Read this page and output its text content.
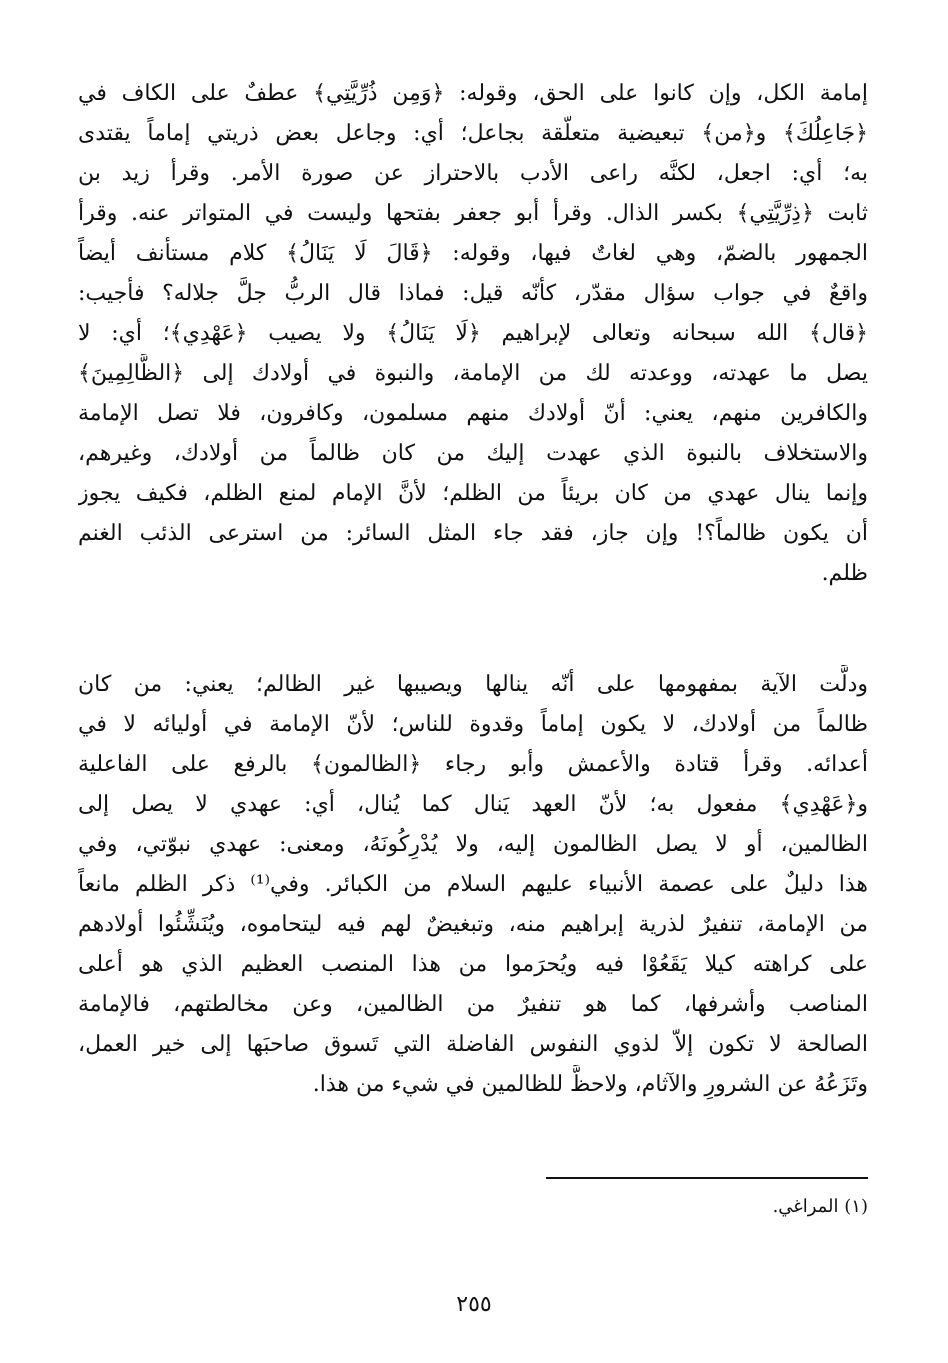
إمامة الكل، وإن كانوا على الحق، وقوله: ﴿وَمِن ذُرِّيَّتِي﴾ عطفٌ على الكاف في
﴿جَاعِلُكَ﴾ و﴿من﴾ تبعيضية متعلّقة بجاعل؛ أي: وجاعل بعض ذريتي إماماً يقتدى
به؛ أي: اجعل، لكنَّه راعى الأدب بالاحتراز عن صورة الأمر. وقرأ زيد بن
ثابت ﴿ذِرِّيَّتِي﴾ بكسر الذال. وقرأ أبو جعفر بفتحها وليست في المتواتر عنه. وقرأ
الجمهور بالضمّ، وهي لغاتٌ فيها، وقوله: ﴿قَالَ لَا يَنَالُ﴾ كلام مستأنف أيضاً
واقعٌ في جواب سؤال مقدّر، كأنّه قيل: فماذا قال الربُّ جلَّ جلاله؟ فأجيب:
﴿قال﴾ الله سبحانه وتعالى لإبراهيم ﴿لَا يَنَالُ﴾ ولا يصيب ﴿عَهْدِي﴾؛ أي: لا
يصل ما عهدته، ووعدته لك من الإمامة، والنبوة في أولادك إلى ﴿الظَّالِمِينَ﴾
والكافرين منهم، يعني: أنّ أولادك منهم مسلمون، وكافرون، فلا تصل الإمامة
والاستخلاف بالنبوة الذي عهدت إليك من كان ظالماً من أولادك، وغيرهم،
وإنما ينال عهدي من كان بريئاً من الظلم؛ لأنَّ الإمام لمنع الظلم، فكيف يجوز
أن يكون ظالماً؟! وإن جاز، فقد جاء المثل السائر: من استرعى الذئب الغنم
ظلم.
ودلَّت الآية بمفهومها على أنّه ينالها ويصيبها غير الظالم؛ يعني: من كان
ظالماً من أولادك، لا يكون إماماً وقدوة للناس؛ لأنّ الإمامة في أوليائه لا في
أعدائه. وقرأ قتادة والأعمش وأبو رجاء ﴿الظالمون﴾ بالرفع على الفاعلية
و﴿عَهْدِي﴾ مفعول به؛ لأنّ العهد يَنال كما يُنال، أي: عهدي لا يصل إلى
الظالمين، أو لا يصل الظالمون إليه، ولا يُدْرِكُونَهُ، ومعنى: عهدي نبوّتي، وفي
هذا دليلٌ على عصمة الأنبياء عليهم السلام من الكبائر. وفي⁽¹⁾ ذكر الظلم مانعاً
من الإمامة، تنفيرٌ لذرية إبراهيم منه، وتبغيضٌ لهم فيه ليتحاموه، ويُنَشِّئُوا أولادهم
على كراهته كيلا يَقَعُوْا فيه ويُحرَموا من هذا المنصب العظيم الذي هو أعلى
المناصب وأشرفها، كما هو تنفيرٌ من الظالمين، وعن مخالطتهم، فالإمامة
الصالحة لا تكون إلاّ لذوي النفوس الفاضلة التي تَسوق صاحبَها إلى خير العمل،
وتَزَعُهُ عن الشرورِ والآثام، ولاحظَّ للظالمين في شيء من هذا.
(١) المراغي.
٢٥٥
